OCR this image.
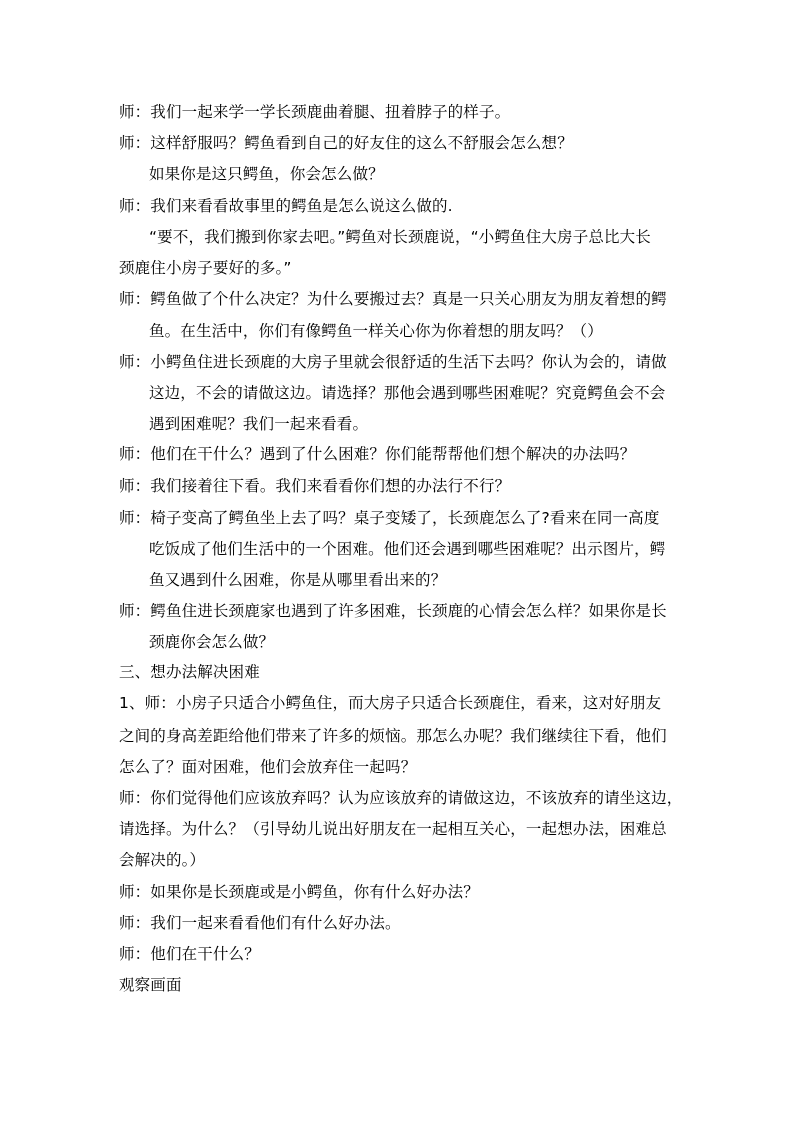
师：我们一起来学一学长颈鹿曲着腿、扭着脖子的样子。
师：这样舒服吗？鳄鱼看到自己的好友住的这么不舒服会怎么想？
如果你是这只鳄鱼，你会怎么做？
师：我们来看看故事里的鳄鱼是怎么说这么做的.
“要不，我们搬到你家去吧。”鳄鱼对长颈鹿说，“小鳄鱼住大房子总比大长
颈鹿住小房子要好的多。”
师：鳄鱼做了个什么决定？为什么要搬过去？真是一只关心朋友为朋友着想的鳄
鱼。在生活中，你们有像鳄鱼一样关心你为你着想的朋友吗？（）
师：小鳄鱼住进长颈鹿的大房子里就会很舒适的生活下去吗？你认为会的，请做
这边，不会的请做这边。请选择？那他会遇到哪些困难呢？究竟鳄鱼会不会
遇到困难呢？我们一起来看看。
师：他们在干什么？遇到了什么困难？你们能帮帮他们想个解决的办法吗？
师：我们接着往下看。我们来看看你们想的办法行不行？
师：椅子变高了鳄鱼坐上去了吗？桌子变矮了，长颈鹿怎么了?看来在同一高度
吃饭成了他们生活中的一个困难。他们还会遇到哪些困难呢？出示图片，鳄
鱼又遇到什么困难，你是从哪里看出来的？
师：鳄鱼住进长颈鹿家也遇到了许多困难，长颈鹿的心情会怎么样？如果你是长
颈鹿你会怎么做？
三、想办法解决困难
1、师：小房子只适合小鳄鱼住，而大房子只适合长颈鹿住，看来，这对好朋友
之间的身高差距给他们带来了许多的烦恼。那怎么办呢？我们继续往下看，他们
怎么了？面对困难，他们会放弃住一起吗？
师：你们觉得他们应该放弃吗？认为应该放弃的请做这边，不该放弃的请坐这边，
请选择。为什么？（引导幼儿说出好朋友在一起相互关心，一起想办法，困难总
会解决的。）
师：如果你是长颈鹿或是小鳄鱼，你有什么好办法？
师：我们一起来看看他们有什么好办法。
师：他们在干什么？
观察画面
